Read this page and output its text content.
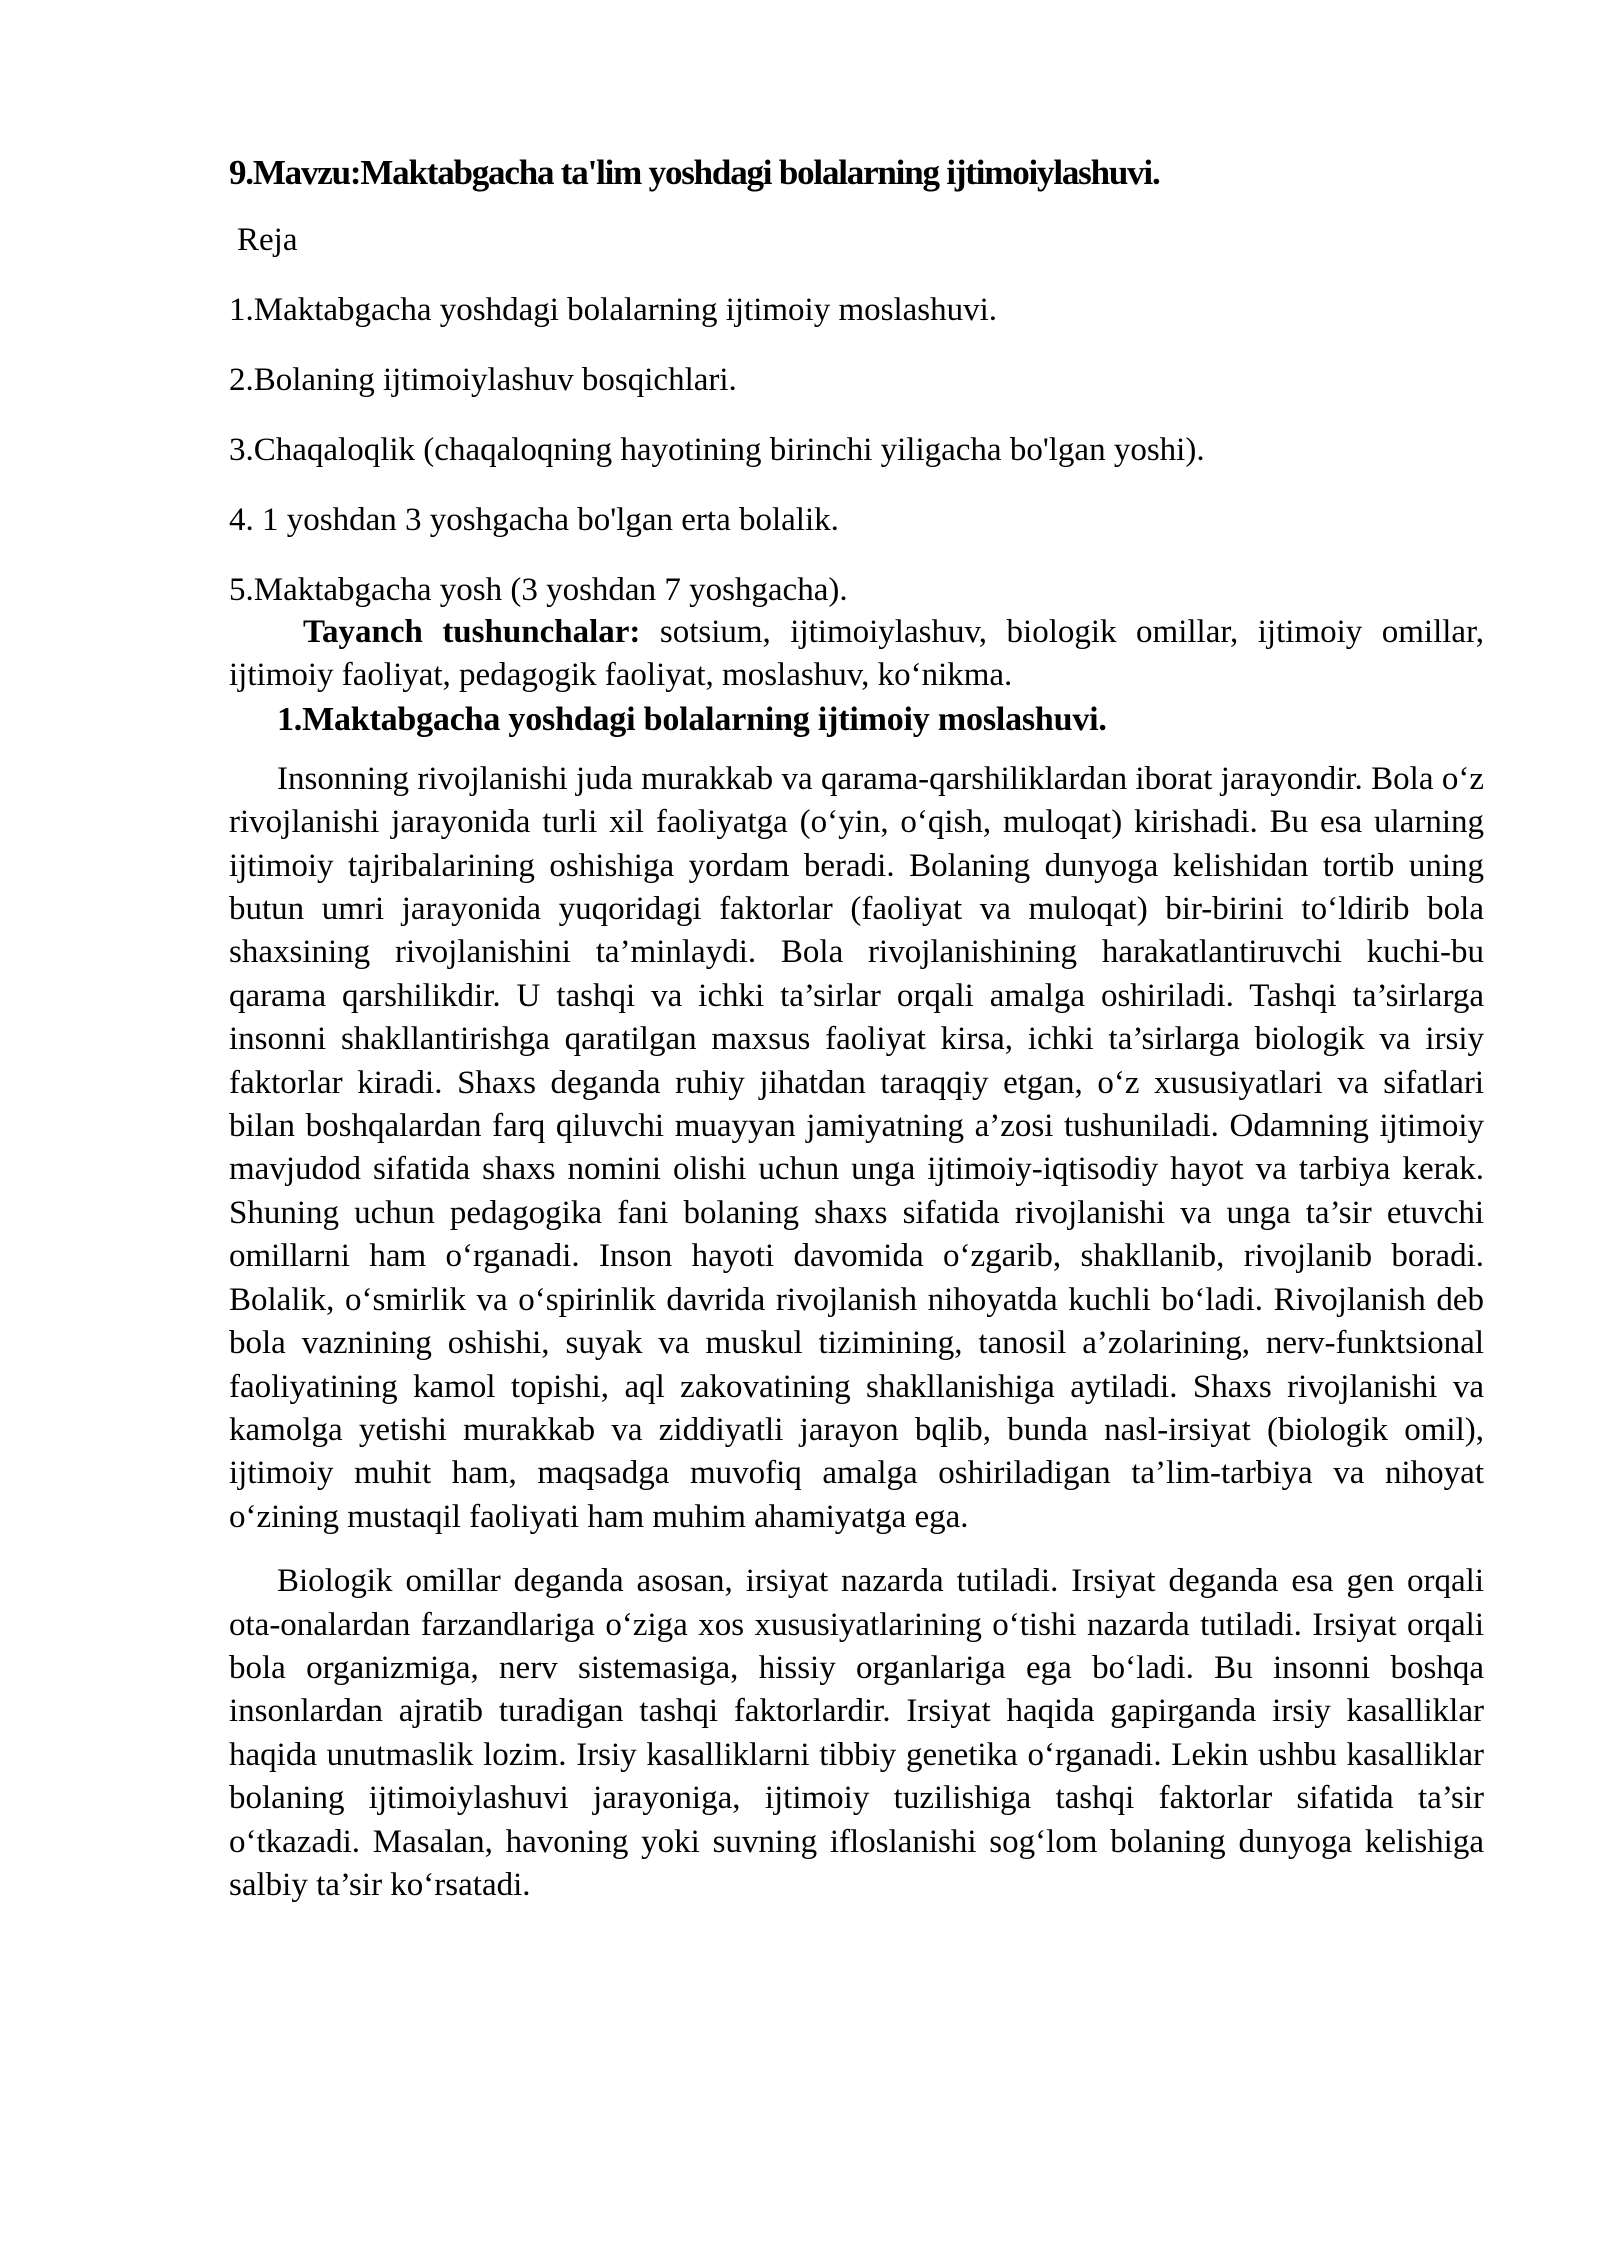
9.Mavzu:Maktabgacha ta'lim yoshdagi bolalarning ijtimoiylashuvi.

Reja

1.Maktabgacha yoshdagi bolalarning ijtimoiy moslashuvi.

2.Bolaning ijtimoiylashuv bosqichlari.

3.Chaqaloqlik (chaqaloqning hayotining birinchi yiligacha bo'lgan yoshi).

4. 1 yoshdan 3 yoshgacha bo'lgan erta bolalik.

5.Maktabgacha yosh (3 yoshdan 7 yoshgacha).

Tayanch tushunchalar: sotsium, ijtimoiylashuv, biologik omillar, ijtimoiy omillar, ijtimoiy faoliyat, pedagogik faoliyat, moslashuv, ko‘nikma.

1.Maktabgacha yoshdagi bolalarning ijtimoiy moslashuvi.

Insonning rivojlanishi juda murakkab va qarama-qarshiliklardan iborat jarayondir. Bola o‘z rivojlanishi jarayonida turli xil faoliyatga (o‘yin, o‘qish, muloqat) kirishadi. Bu esa ularning ijtimoiy tajribalarining oshishiga yordam beradi. Bolaning dunyoga kelishidan tortib uning butun umri jarayonida yuqoridagi faktorlar (faoliyat va muloqat) bir-birini to‘ldirib bola shaxsining rivojlanishini ta’minlaydi. Bola rivojlanishining harakatlantiruvchi kuchi-bu qarama qarshilikdir. U tashqi va ichki ta’sirlar orqali amalga oshiriladi. Tashqi ta’sirlarga insonni shakllantirishga qaratilgan maxsus faoliyat kirsa, ichki ta’sirlarga biologik va irsiy faktorlar kiradi. Shaxs deganda ruhiy jihatdan taraqqiy etgan, o‘z xususiyatlari va sifatlari bilan boshqalardan farq qiluvchi muayyan jamiyatning a’zosi tushuniladi. Odamning ijtimoiy mavjudod sifatida shaxs nomini olishi uchun unga ijtimoiy-iqtisodiy hayot va tarbiya kerak. Shuning uchun pedagogika fani bolaning shaxs sifatida rivojlanishi va unga ta’sir etuvchi omillarni ham o‘rganadi. Inson hayoti davomida o‘zgarib, shakllanib, rivojlanib boradi. Bolalik, o‘smirlik va o‘spirinlik davrida rivojlanish nihoyatda kuchli bo‘ladi. Rivojlanish deb bola vaznining oshishi, suyak va muskul tizimining, tanosil a’zolarining, nerv-funktsional faoliyatining kamol topishi, aql zakovatining shakllanishiga aytiladi. Shaxs rivojlanishi va kamolga yetishi murakkab va ziddiyatli jarayon bqlib, bunda nasl-irsiyat (biologik omil), ijtimoiy muhit ham, maqsadga muvofiq amalga oshiriladigan ta’lim-tarbiya va nihoyat o‘zining mustaqil faoliyati ham muhim ahamiyatga ega.

Biologik omillar deganda asosan, irsiyat nazarda tutiladi. Irsiyat deganda esa gen orqali ota-onalardan farzandlariga o‘ziga xos xususiyatlarining o‘tishi nazarda tutiladi. Irsiyat orqali bola organizmiga, nerv sistemasiga, hissiy organlariga ega bo‘ladi. Bu insonni boshqa insonlardan ajratib turadigan tashqi faktorlardir. Irsiyat haqida gapirganda irsiy kasalliklar haqida unutmaslik lozim. Irsiy kasalliklarni tibbiy genetika o‘rganadi. Lekin ushbu kasalliklar bolaning ijtimoiylashuvi jarayoniga, ijtimoiy tuzilishiga tashqi faktorlar sifatida ta’sir o‘tkazadi. Masalan, havoning yoki suvning ifloslanishi sog‘lom bolaning dunyoga kelishiga salbiy ta’sir ko‘rsatadi.
